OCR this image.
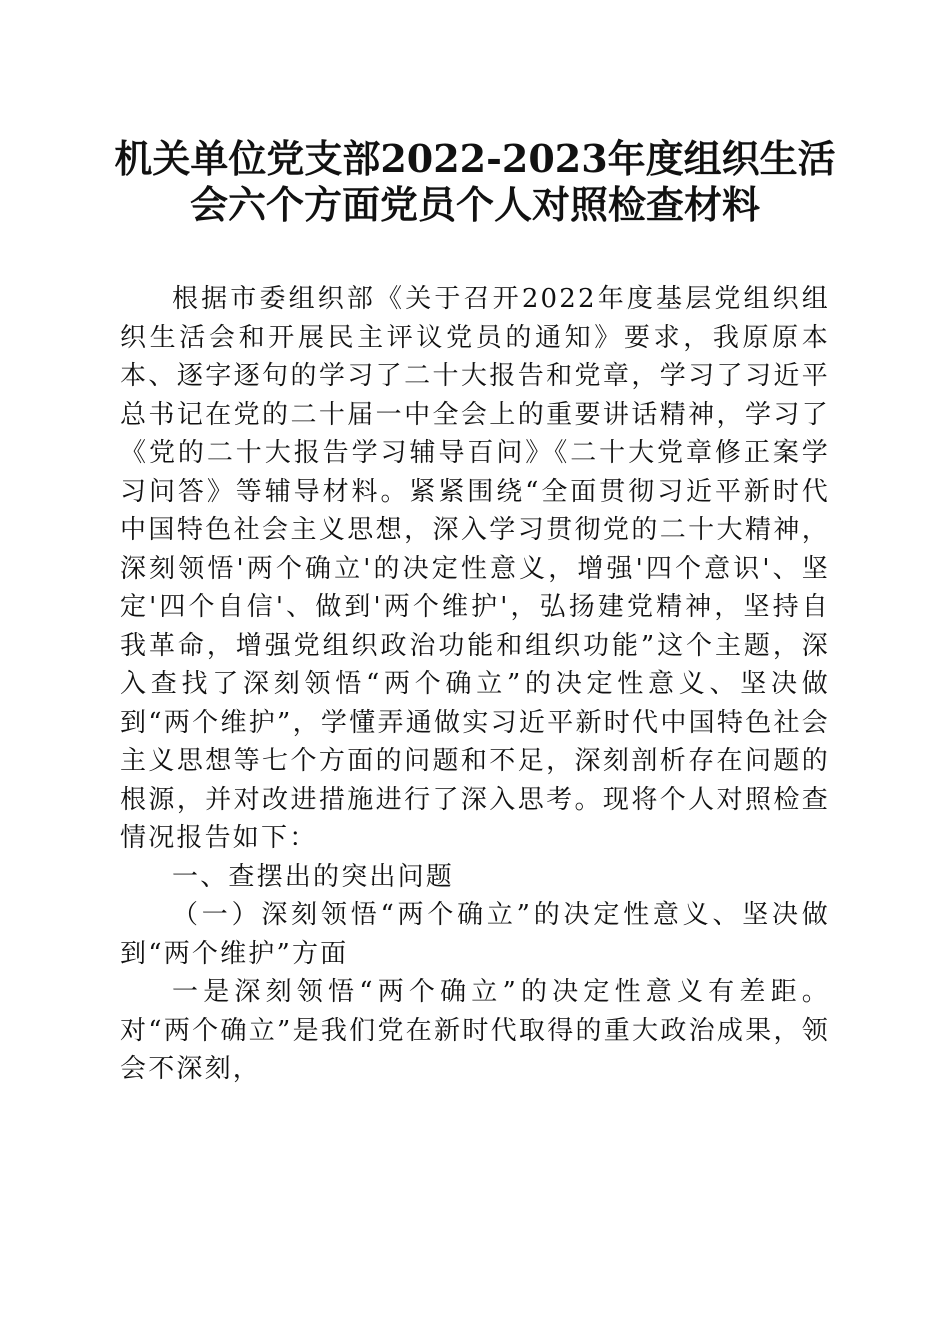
机关单位党支部2022-2023年度组织生活会六个方面党员个人对照检查材料

根据市委组织部《关于召开2022年度基层党组织组织生活会和开展民主评议党员的通知》要求，我原原本本、逐字逐句的学习了二十大报告和党章，学习了习近平总书记在党的二十届一中全会上的重要讲话精神，学习了《党的二十大报告学习辅导百问》《二十大党章修正案学习问答》等辅导材料。紧紧围绕“全面贯彻习近平新时代中国特色社会主义思想，深入学习贯彻党的二十大精神，深刻领悟'两个确立'的决定性意义，增强'四个意识'、坚定'四个自信'、做到'两个维护'，弘扬建党精神，坚持自我革命，增强党组织政治功能和组织功能”这个主题，深入查找了深刻领悟“两个确立”的决定性意义、坚决做到“两个维护”，学懂弄通做实习近平新时代中国特色社会主义思想等七个方面的问题和不足，深刻剖析存在问题的根源，并对改进措施进行了深入思考。现将个人对照检查情况报告如下：

一、查摆出的突出问题

（一）深刻领悟“两个确立”的决定性意义、坚决做到“两个维护”方面

一是深刻领悟“两个确立”的决定性意义有差距。对“两个确立”是我们党在新时代取得的重大政治成果，领会不深刻，
